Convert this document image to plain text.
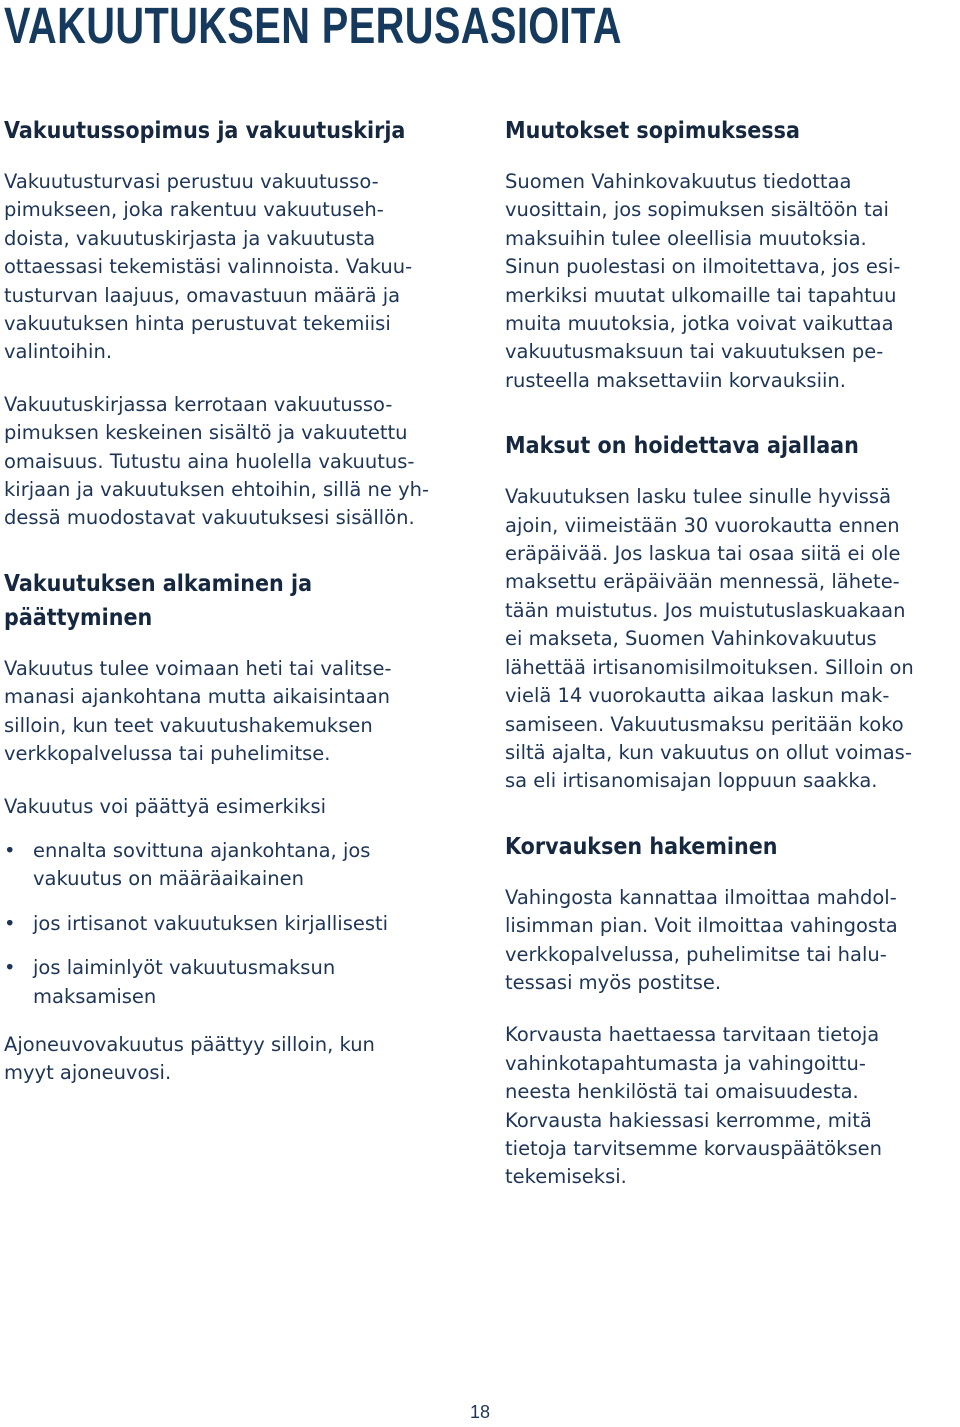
VAKUUTUKSEN PERUSASIOITA
Vakuutussopimus ja vakuutuskirja

Vakuutusturvasi perustuu vakuutusso-
pimukseen, joka rakentuu vakuutuseh-
doista, vakuutuskirjasta ja vakuutusta
ottaessasi tekemistäsi valinnoista. Vakuu-
tusturvan laajuus, omavastuun määrä ja
vakuutuksen hinta perustuvat tekemiisi
valintoihin.

Vakuutuskirjassa kerrotaan vakuutusso-
pimuksen keskeinen sisältö ja vakuutettu
omaisuus. Tutustu aina huolella vakuutus-
kirjaan ja vakuutuksen ehtoihin, sillä ne yh-
dessä muodostavat vakuutuksesi sisällön.

Vakuutuksen alkaminen ja
päättyminen

Vakuutus tulee voimaan heti tai valitse-
manasi ajankohtana mutta aikaisintaan
silloin, kun teet vakuutushakemuksen
verkkopalvelussa tai puhelimitse.

Vakuutus voi päättyä esimerkiksi

• ennalta sovittuna ajankohtana, jos
vakuutus on määräaikainen
• jos irtisanot vakuutuksen kirjallisesti
• jos laiminlyöt vakuutusmaksun
maksamisen

Ajoneuvovakuutus päättyy silloin, kun
myyt ajoneuvosi.

Muutokset sopimuksessa

Suomen Vahinkovakuutus tiedottaa
vuosittain, jos sopimuksen sisältöön tai
maksuihin tulee oleellisia muutoksia.
Sinun puolestasi on ilmoitettava, jos esi-
merkiksi muutat ulkomaille tai tapahtuu
muita muutoksia, jotka voivat vaikuttaa
vakuutusmaksuun tai vakuutuksen pe-
rusteella maksettaviin korvauksiin.

Maksut on hoidettava ajallaan

Vakuutuksen lasku tulee sinulle hyvissä
ajoin, viimeistään 30 vuorokautta ennen
eräpäivää. Jos laskua tai osaa siitä ei ole
maksettu eräpäivään mennessä, lähete-
tään muistutus. Jos muistutuslaskuakaan
ei makseta, Suomen Vahinkovakuutus
lähettää irtisanomisilmoituksen. Silloin on
vielä 14 vuorokautta aikaa laskun mak-
samiseen. Vakuutusmaksu peritään koko
siltä ajalta, kun vakuutus on ollut voimas-
sa eli irtisanomisajan loppuun saakka.

Korvauksen hakeminen

Vahingosta kannattaa ilmoittaa mahdol-
lisimman pian. Voit ilmoittaa vahingosta
verkkopalvelussa, puhelimitse tai halu-
tessasi myös postitse.

Korvausta haettaessa tarvitaan tietoja
vahinkotapahtumasta ja vahingoittu-
neesta henkilöstä tai omaisuudesta.
Korvausta hakiessasi kerromme, mitä
tietoja tarvitsemme korvauspäätöksen
tekemiseksi.

18
